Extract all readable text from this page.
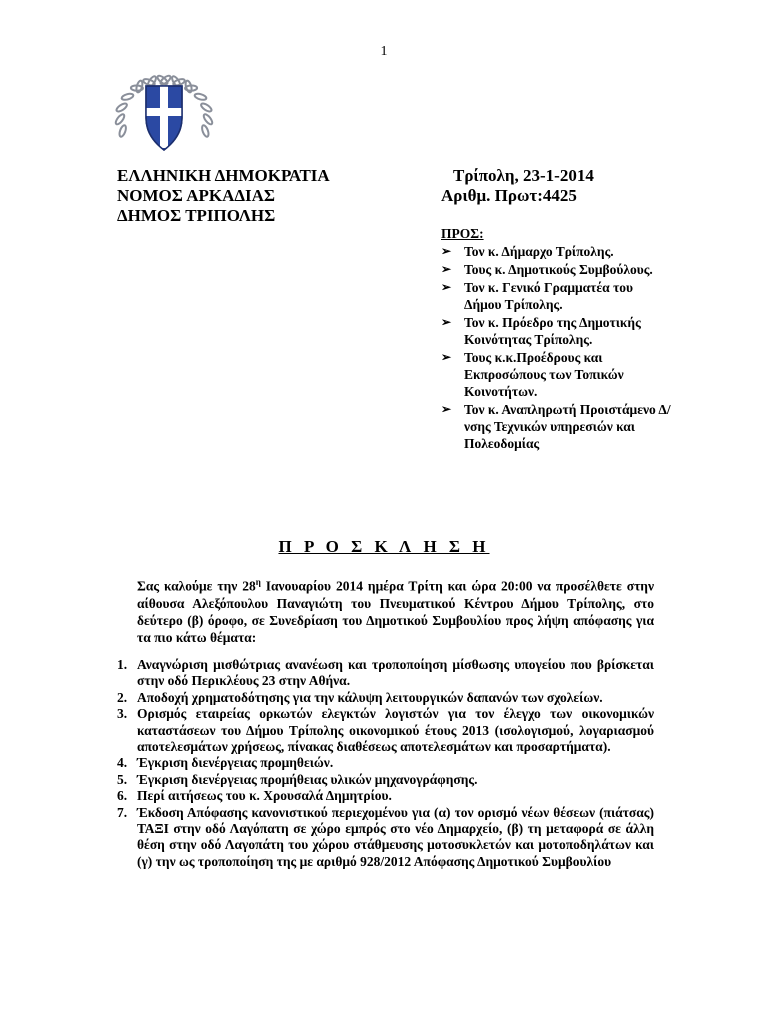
1
ΕΛΛΗΝΙΚΗ ΔΗΜΟΚΡΑΤΙΑ
ΝΟΜΟΣ ΑΡΚΑΔΙΑΣ
ΔΗΜΟΣ ΤΡΙΠΟΛΗΣ
Τρίπολη, 23-1-2014
Αριθμ. Πρωτ:4425
ΠΡΟΣ:
➢ Τον κ. Δήμαρχο Τρίπολης.
➢ Τους κ. Δημοτικούς Συμβούλους.
➢ Τον κ. Γενικό Γραμματέα του Δήμου Τρίπολης.
➢ Τον κ. Πρόεδρο της Δημοτικής Κοινότητας Τρίπολης.
➢ Τους κ.κ.Προέδρους και Εκπροσώπους των Τοπικών Κοινοτήτων.
➢ Τον κ. Αναπληρωτή Προιστάμενο Δ/νσης Τεχνικών υπηρεσιών και Πολεοδομίας
Π Ρ Ο Σ Κ Λ Η Σ Η
Σας καλούμε την $28^\eta$ Ιανουαρίου 2014 ημέρα Τρίτη και ώρα 20:00 να προσέλθετε στην αίθουσα Αλεξόπουλου Παναγιώτη του Πνευματικού Κέντρου Δήμου Τρίπολης, στο δεύτερο (β) όροφο, σε Συνεδρίαση του Δημοτικού Συμβουλίου προς λήψη απόφασης για τα πιο κάτω θέματα:
1. Αναγνώριση μισθώτριας ανανέωση και τροποποίηση μίσθωσης υπογείου που βρίσκεται στην οδό Περικλέους 23 στην Αθήνα.
2. Αποδοχή χρηματοδότησης για την κάλυψη λειτουργικών δαπανών των σχολείων.
3. Ορισμός εταιρείας ορκωτών ελεγκτών λογιστών για τον έλεγχο των οικονομικών καταστάσεων του Δήμου Τρίπολης οικονομικού έτους 2013 (ισολογισμού, λογαριασμού αποτελεσμάτων χρήσεως, πίνακας διαθέσεως αποτελεσμάτων και προσαρτήματα).
4. Έγκριση διενέργειας προμηθειών.
5. Έγκριση διενέργειας προμήθειας υλικών μηχανογράφησης.
6. Περί αιτήσεως του κ. Χρουσαλά Δημητρίου.
7. Έκδοση Απόφασης κανονιστικού περιεχομένου για (α) τον ορισμό νέων θέσεων (πιάτσας) ΤΑΞΙ στην οδό Λαγόπατη σε χώρο εμπρός στο νέο Δημαρχείο, (β) τη μεταφορά σε άλλη θέση στην οδό Λαγοπάτη του χώρου στάθμευσης μοτοσυκλετών και μοτοποδηλάτων και (γ) την ως τροποποίηση της με αριθμό 928/2012 Απόφασης Δημοτικού Συμβουλίου
